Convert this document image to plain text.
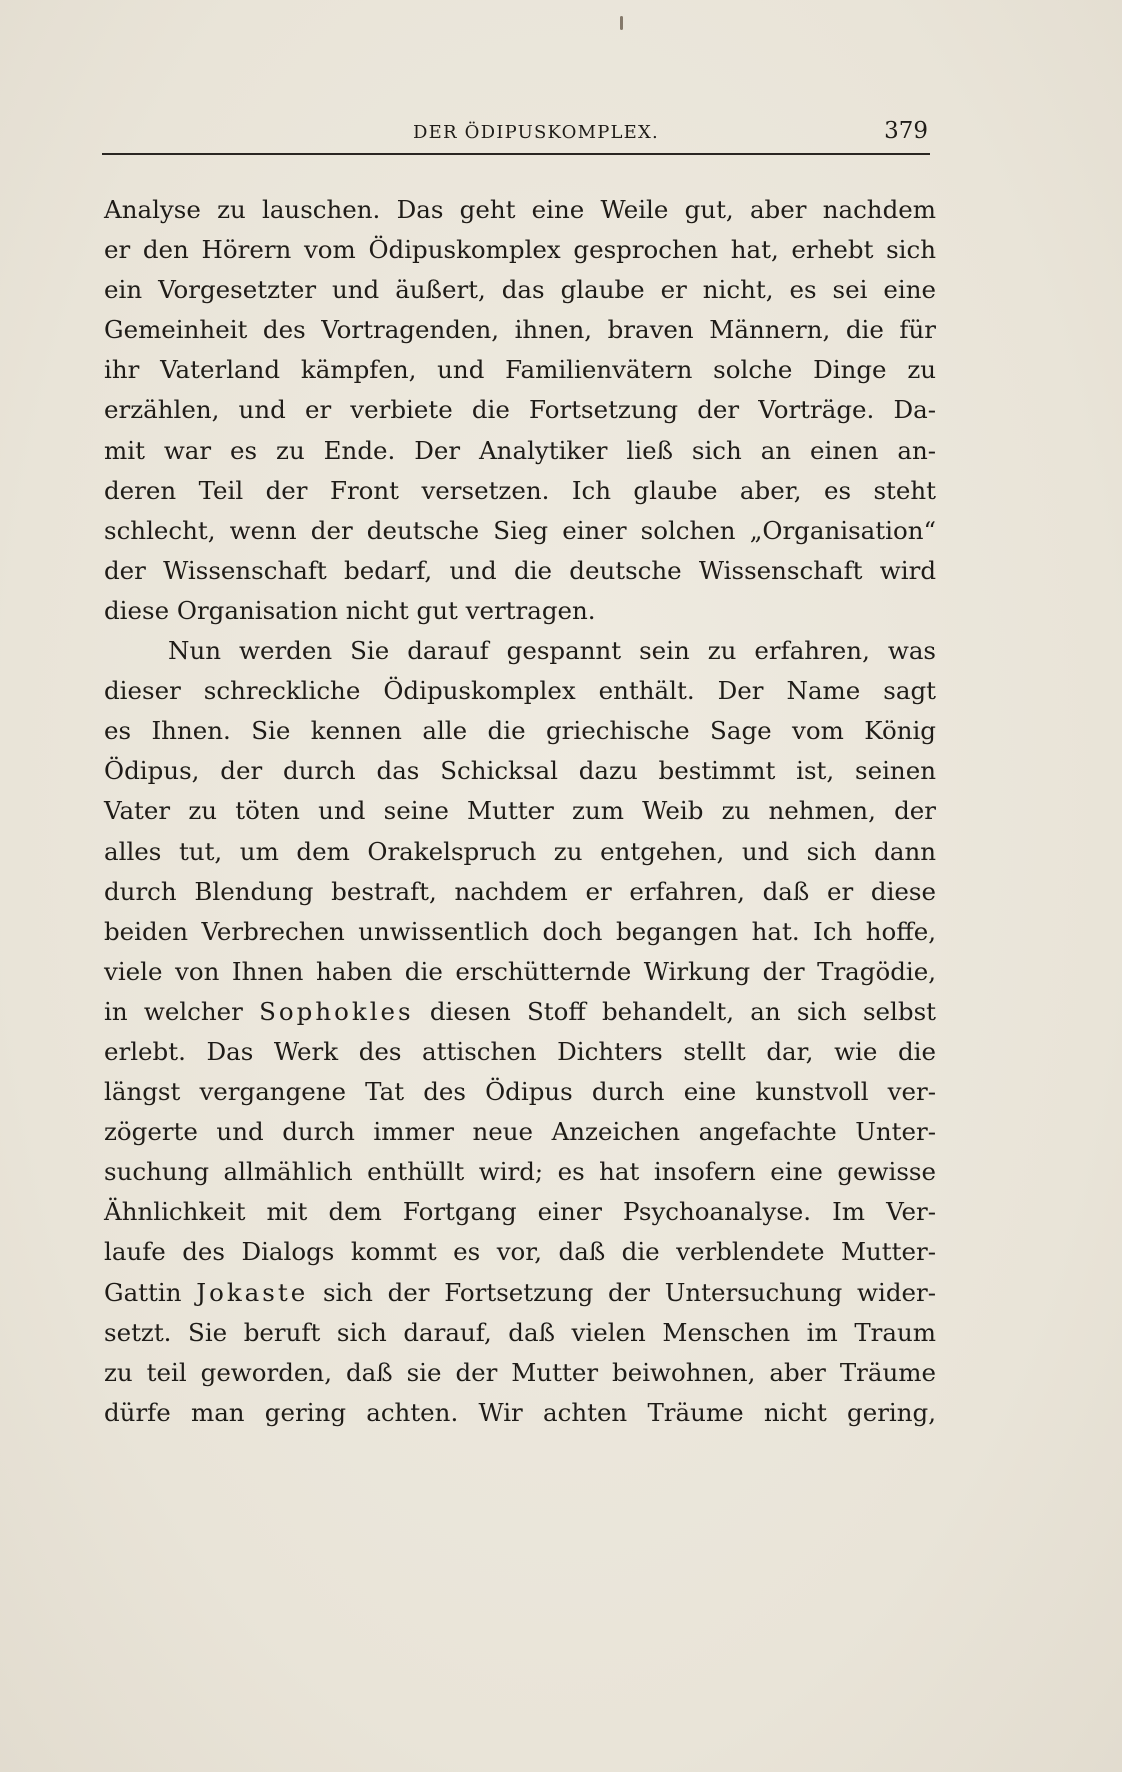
DER ÖDIPUSKOMPLEX.	379
Analyse zu lauschen. Das geht eine Weile gut, aber nachdem
er den Hörern vom Ödipuskomplex gesprochen hat, erhebt sich
ein Vorgesetzter und äußert, das glaube er nicht, es sei eine
Gemeinheit des Vortragenden, ihnen, braven Männern, die für
ihr Vaterland kämpfen, und Familienvätern solche Dinge zu
erzählen, und er verbiete die Fortsetzung der Vorträge. Da-
mit war es zu Ende. Der Analytiker ließ sich an einen an-
deren Teil der Front versetzen. Ich glaube aber, es steht
schlecht, wenn der deutsche Sieg einer solchen „Organisation“
der Wissenschaft bedarf, und die deutsche Wissenschaft wird
diese Organisation nicht gut vertragen.
Nun werden Sie darauf gespannt sein zu erfahren, was
dieser schreckliche Ödipuskomplex enthält. Der Name sagt
es Ihnen. Sie kennen alle die griechische Sage vom König
Ödipus, der durch das Schicksal dazu bestimmt ist, seinen
Vater zu töten und seine Mutter zum Weib zu nehmen, der
alles tut, um dem Orakelspruch zu entgehen, und sich dann
durch Blendung bestraft, nachdem er erfahren, daß er diese
beiden Verbrechen unwissentlich doch begangen hat. Ich hoffe,
viele von Ihnen haben die erschütternde Wirkung der Tragödie,
in welcher Sophokles diesen Stoff behandelt, an sich selbst
erlebt. Das Werk des attischen Dichters stellt dar, wie die
längst vergangene Tat des Ödipus durch eine kunstvoll ver-
zögerte und durch immer neue Anzeichen angefachte Unter-
suchung allmählich enthüllt wird; es hat insofern eine gewisse
Ähnlichkeit mit dem Fortgang einer Psychoanalyse. Im Ver-
laufe des Dialogs kommt es vor, daß die verblendete Mutter-
Gattin Jokaste sich der Fortsetzung der Untersuchung wider-
setzt. Sie beruft sich darauf, daß vielen Menschen im Traum
zu teil geworden, daß sie der Mutter beiwohnen, aber Träume
dürfe man gering achten. Wir achten Träume nicht gering,
